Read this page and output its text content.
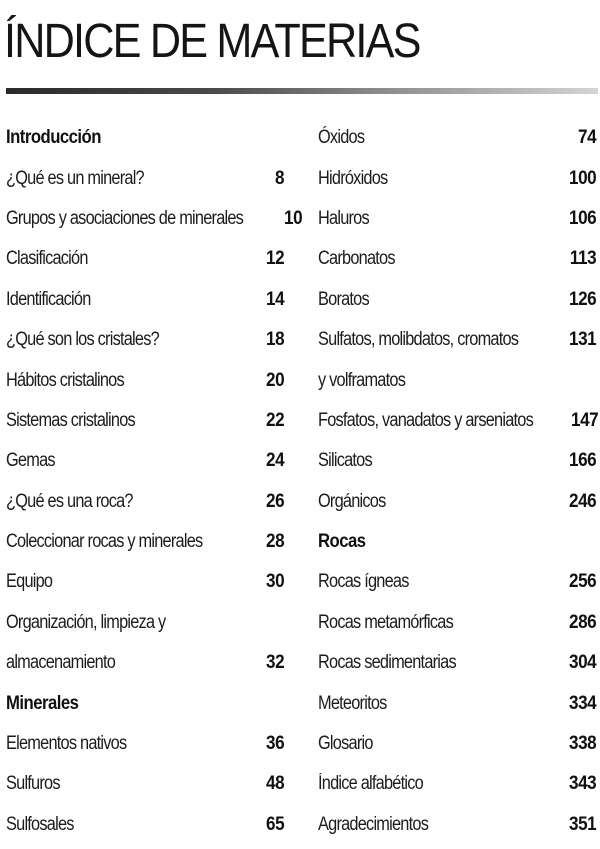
ÍNDICE DE MATERIAS
Introducción
¿Qué es un mineral?	8
Grupos y asociaciones de minerales 10
Clasificación	12
Identificación	14
¿Qué son los cristales?	18
Hábitos cristalinos	20
Sistemas cristalinos	22
Gemas	24
¿Qué es una roca?	26
Coleccionar rocas y minerales	28
Equipo	30
Organización, limpieza y
almacenamiento	32
Minerales
Elementos nativos	36
Sulfuros	48
Sulfosales	65
Óxidos	74
Hidróxidos	100
Haluros	106
Carbonatos	113
Boratos	126
Sulfatos, molibdatos, cromatos	131
y volframatos
Fosfatos, vanadatos y arseniatos 147
Silicatos	166
Orgánicos	246
Rocas
Rocas ígneas	256
Rocas metamórficas	286
Rocas sedimentarias	304
Meteoritos	334
Glosario	338
Índice alfabético	343
Agradecimientos	351
